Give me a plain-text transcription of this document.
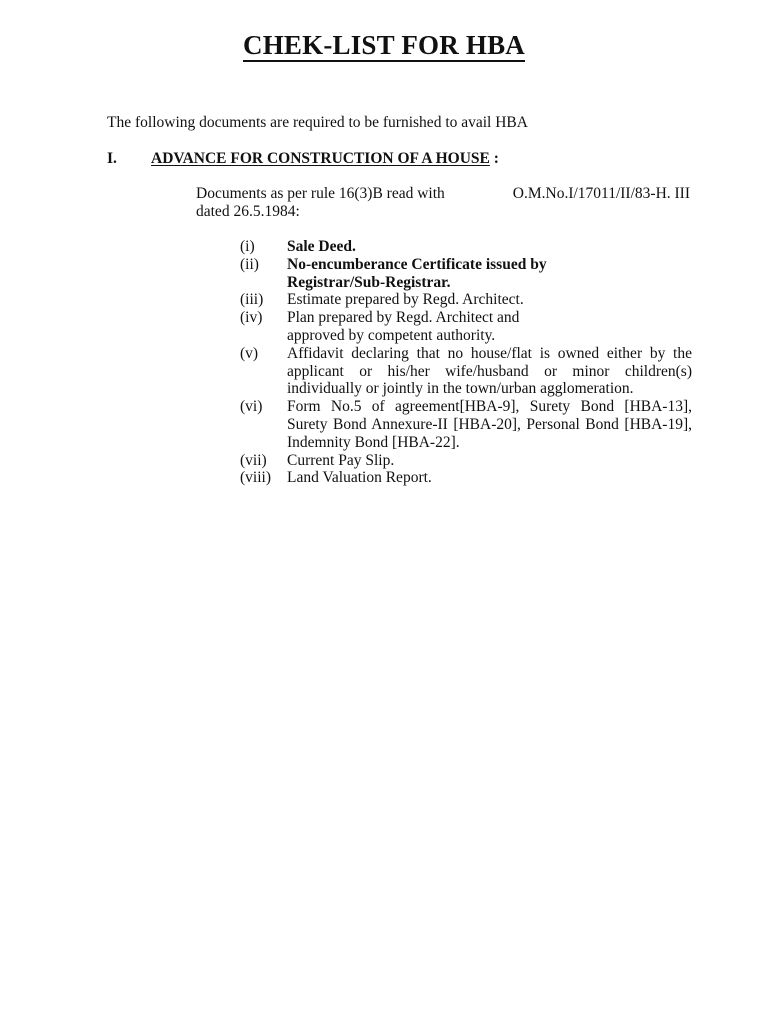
CHEK-LIST FOR HBA
The following documents are required to be furnished to avail HBA
I. ADVANCE FOR CONSTRUCTION OF A HOUSE :
Documents as per rule 16(3)B read with	O.M.No.I/17011/II/83-H. III
dated 26.5.1984:
(i)	Sale Deed.
(ii)	No-encumberance Certificate issued by Registrar/Sub-Registrar.
(iii)	Estimate prepared by Regd. Architect.
(iv)	Plan prepared by Regd. Architect and approved by competent authority.
(v)	Affidavit declaring that no house/flat is owned either by the applicant or his/her wife/husband or minor children(s) individually or jointly in the town/urban agglomeration.
(vi)	Form No.5 of agreement[HBA-9], Surety Bond [HBA-13], Surety Bond Annexure-II [HBA-20], Personal Bond [HBA-19], Indemnity Bond [HBA-22].
(vii)	Current Pay Slip.
(viii)	Land Valuation Report.
